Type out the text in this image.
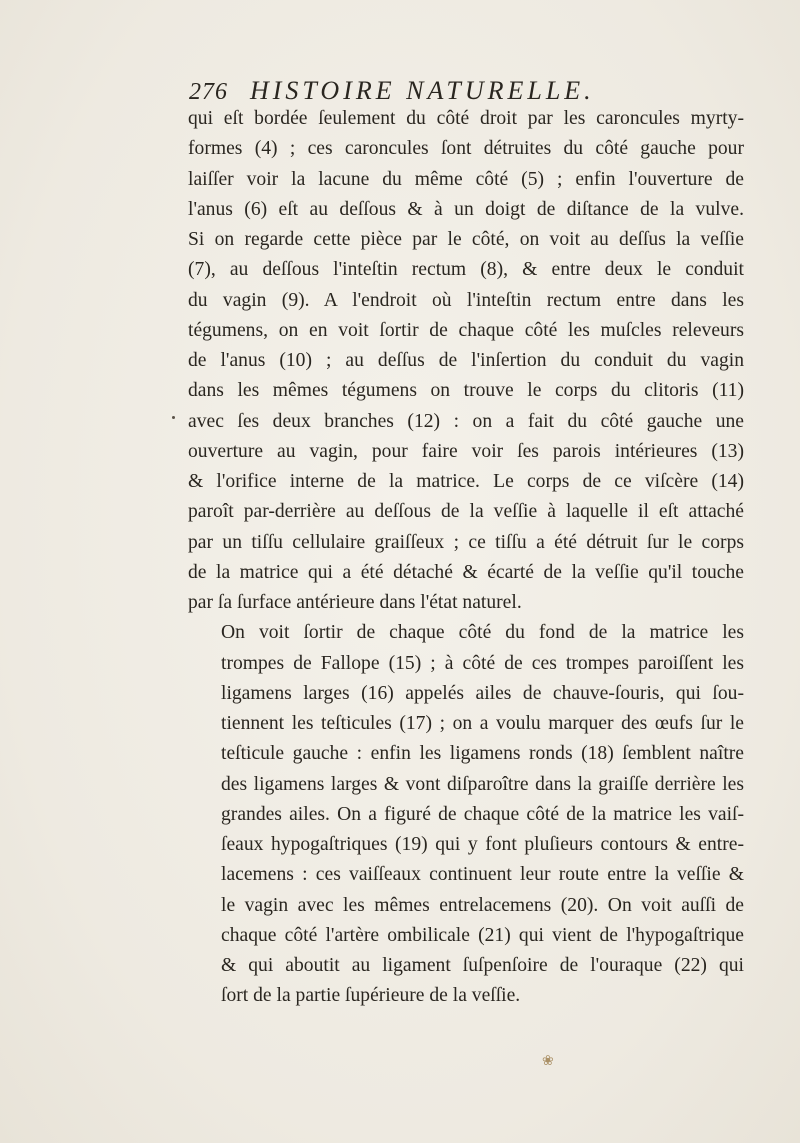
276 HISTOIRE NATURELLE.

qui eſt bordée ſeulement du côté droit par les caroncules myrty-
formes (4) ; ces caroncules ſont détruites du côté gauche pour
laiſſer voir la lacune du même côté (5) ; enfin l'ouverture de
l'anus (6) eſt au deſſous & à un doigt de diſtance de la vulve.
Si on regarde cette pièce par le côté, on voit au deſſus la veſſie
(7), au deſſous l'inteſtin rectum (8), & entre deux le conduit
du vagin (9). A l'endroit où l'inteſtin rectum entre dans les
tégumens, on en voit ſortir de chaque côté les muſcles releveurs
de l'anus (10) ; au deſſus de l'inſertion du conduit du vagin
dans les mêmes tégumens on trouve le corps du clitoris (11)
avec ſes deux branches (12) : on a fait du côté gauche une
ouverture au vagin, pour faire voir ſes parois intérieures (13)
& l'orifice interne de la matrice. Le corps de ce viſcère (14)
paroît par-derrière au deſſous de la veſſie à laquelle il eſt attaché
par un tiſſu cellulaire graiſſeux ; ce tiſſu a été détruit ſur le corps
de la matrice qui a été détaché & écarté de la veſſie qu'il touche
par ſa ſurface antérieure dans l'état naturel.

On voit ſortir de chaque côté du fond de la matrice les
trompes de Fallope (15) ; à côté de ces trompes paroiſſent les
ligamens larges (16) appelés ailes de chauve-ſouris, qui ſou-
tiennent les teſticules (17) ; on a voulu marquer des œufs ſur le
teſticule gauche : enfin les ligamens ronds (18) ſemblent naître
des ligamens larges & vont diſparoître dans la graiſſe derrière les
grandes ailes. On a figuré de chaque côté de la matrice les vaiſ-
ſeaux hypogaſtriques (19) qui y font pluſieurs contours & entre-
lacemens : ces vaiſſeaux continuent leur route entre la veſſie &
le vagin avec les mêmes entrelacemens (20). On voit auſſi de
chaque côté l'artère ombilicale (21) qui vient de l'hypogaſtrique
& qui aboutit au ligament ſuſpenſoire de l'ouraque (22) qui
ſort de la partie ſupérieure de la veſſie.

❀
